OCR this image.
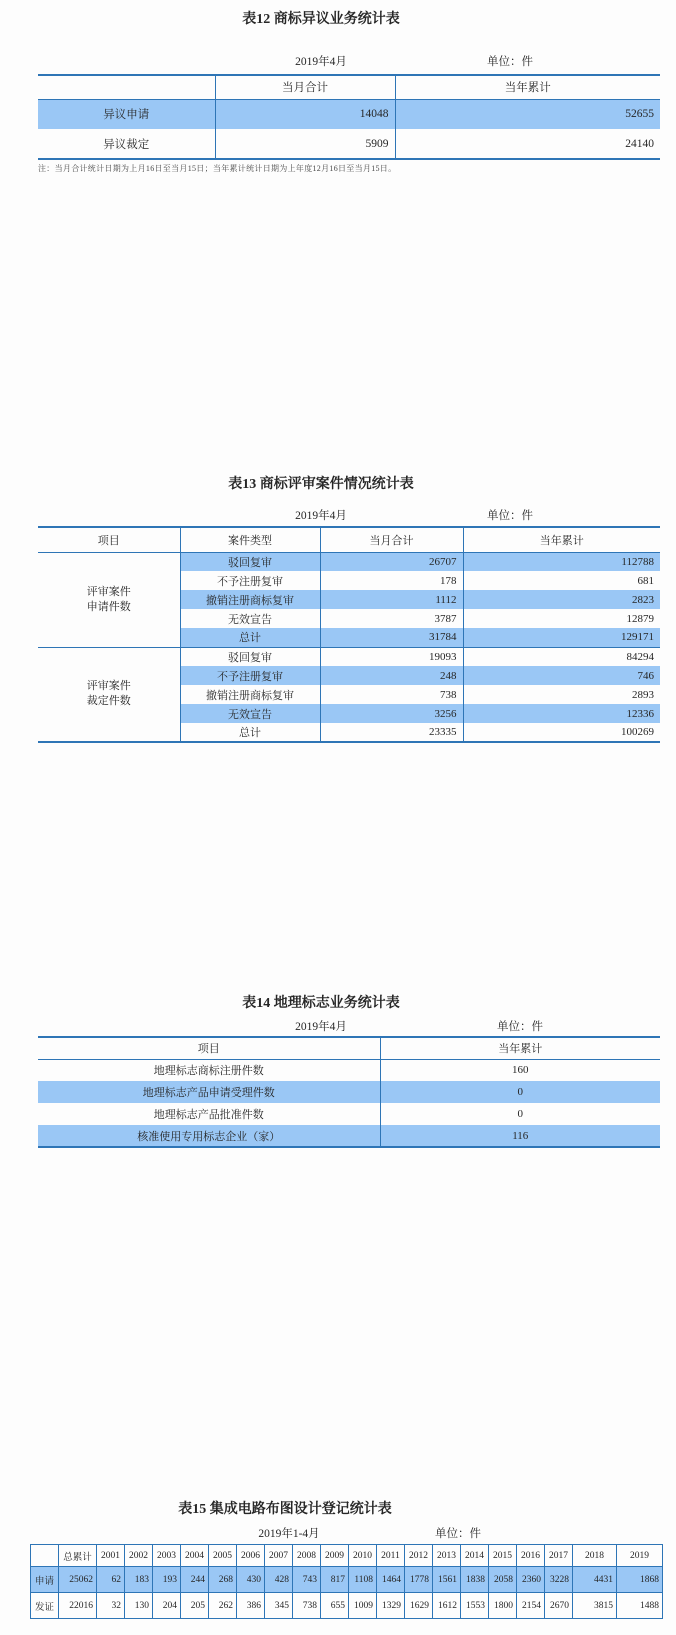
表12 商标异议业务统计表
2019年4月	单位：件
	当月合计	当年累计
异议申请	14048	52655
异议裁定	5909	24140
注：当月合计统计日期为上月16日至当月15日；当年累计统计日期为上年度12月16日至当月15日。
表13 商标评审案件情况统计表
2019年4月	单位：件
项目	案件类型	当月合计	当年累计

评审案件
申请件数	驳回复审	26707	112788
	不予注册复审	178	681
	撤销注册商标复审	1112	2823
	无效宣告	3787	12879
	总计	31784	129171

评审案件
裁定件数	驳回复审	19093	84294
	不予注册复审	248	746
	撤销注册商标复审	738	2893
	无效宣告	3256	12336
	总计	23335	100269
表14 地理标志业务统计表
2019年4月	单位：件
项目	当年累计
地理标志商标注册件数	160
地理标志产品申请受理件数	0
地理标志产品批准件数	0
核准使用专用标志企业（家）	116
表15 集成电路布图设计登记统计表
2019年1-4月	单位：件
	总累计	2001	2002	2003	2004	2005	2006	2007	2008	2009	2010	2011	2012	2013	2014	2015	2016	2017	2018	2019
申请	25062	62	183	193	244	268	430	428	743	817	1108	1464	1778	1561	1838	2058	2360	3228	4431	1868
发证	22016	32	130	204	205	262	386	345	738	655	1009	1329	1629	1612	1553	1800	2154	2670	3815	1488
